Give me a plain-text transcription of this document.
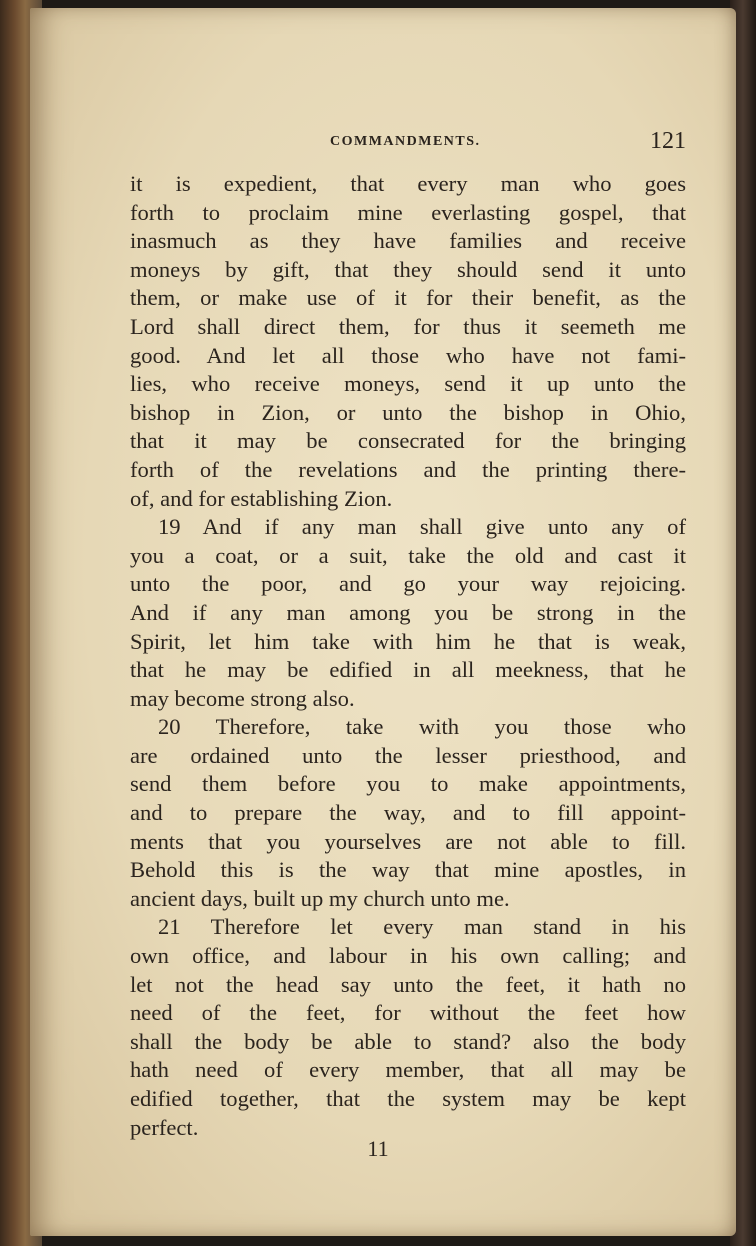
COMMANDMENTS.	121
it is expedient, that every man who goes
forth to proclaim mine everlasting gospel, that
inasmuch as they have families and receive
moneys by gift, that they should send it unto
them, or make use of it for their benefit, as the
Lord shall direct them, for thus it seemeth me
good. And let all those who have not fami-
lies, who receive moneys, send it up unto the
bishop in Zion, or unto the bishop in Ohio,
that it may be consecrated for the bringing
forth of the revelations and the printing there-
of, and for establishing Zion.
19 And if any man shall give unto any of
you a coat, or a suit, take the old and cast it
unto the poor, and go your way rejoicing.
And if any man among you be strong in the
Spirit, let him take with him he that is weak,
that he may be edified in all meekness, that he
may become strong also.
20 Therefore, take with you those who
are ordained unto the lesser priesthood, and
send them before you to make appointments,
and to prepare the way, and to fill appoint-
ments that you yourselves are not able to fill.
Behold this is the way that mine apostles, in
ancient days, built up my church unto me.
21 Therefore let every man stand in his
own office, and labour in his own calling; and
let not the head say unto the feet, it hath no
need of the feet, for without the feet how
shall the body be able to stand? also the body
hath need of every member, that all may be
edified together, that the system may be kept
perfect.
11
